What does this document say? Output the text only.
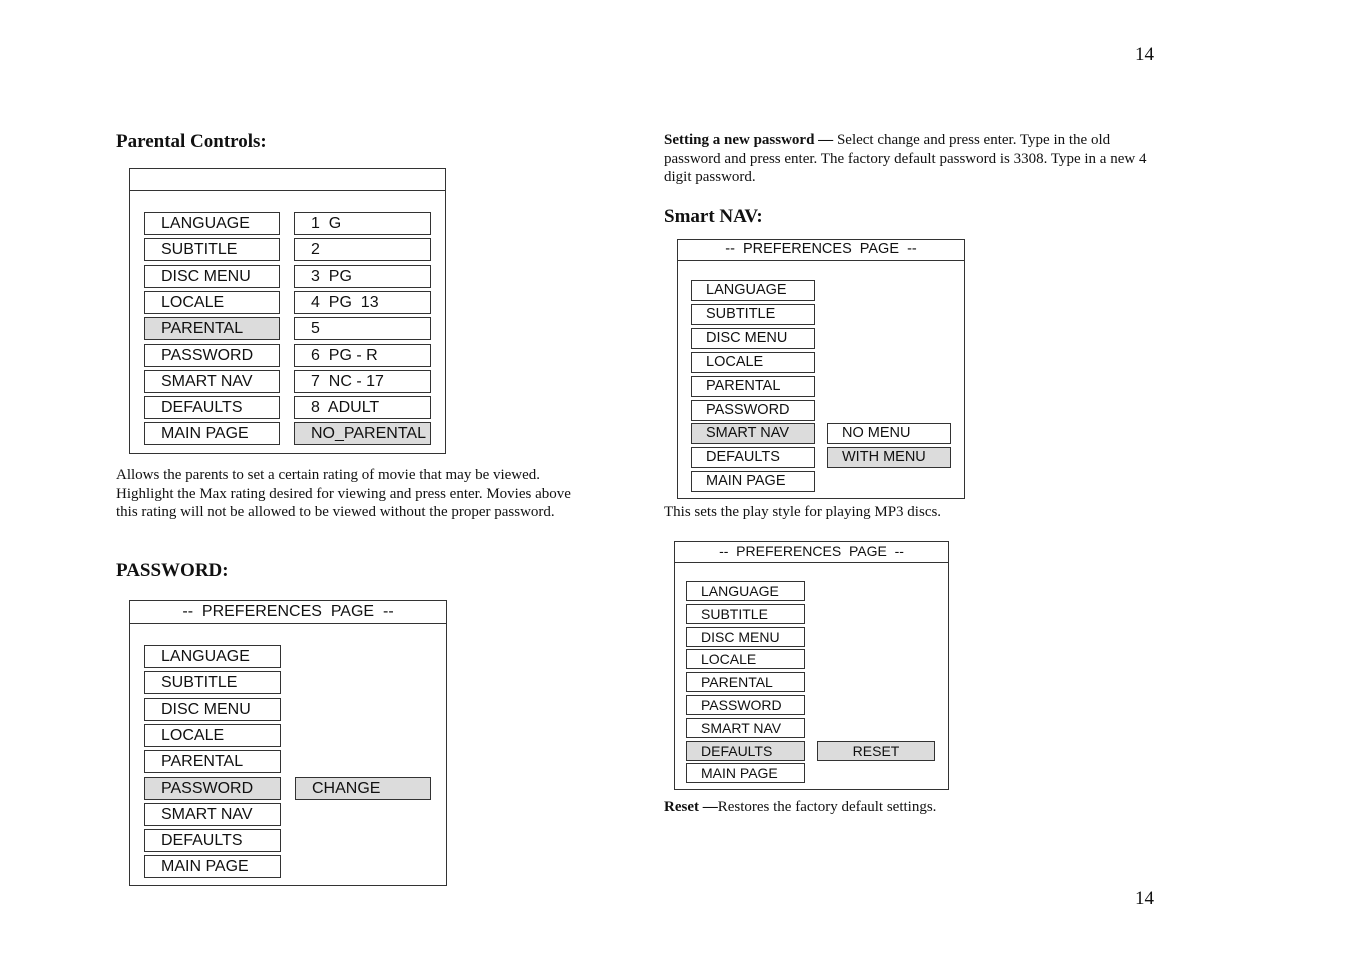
14
14
Parental Controls:
LANGUAGE
SUBTITLE
DISC MENU
LOCALE
PARENTAL
PASSWORD
SMART NAV
DEFAULTS
MAIN PAGE
1  G
2
3  PG
4  PG  13
5
6  PG - R
7  NC - 17
8  ADULT
NO_PARENTAL
Allows the parents to set a certain rating of movie that may be viewed. Highlight the Max rating desired for viewing and press enter. Movies above this rating will not be allowed to be viewed without the proper password.
PASSWORD:
--  PREFERENCES  PAGE  --
LANGUAGE
SUBTITLE
DISC MENU
LOCALE
PARENTAL
PASSWORD
SMART NAV
DEFAULTS
MAIN PAGE
CHANGE
Setting a new password — Select change and press enter. Type in the old password and press enter. The factory default password is 3308. Type in a new 4 digit password.
Smart NAV:
--  PREFERENCES  PAGE  --
LANGUAGE
SUBTITLE
DISC MENU
LOCALE
PARENTAL
PASSWORD
SMART NAV
DEFAULTS
MAIN PAGE
NO MENU
WITH MENU
This sets the play style for playing MP3 discs.
--  PREFERENCES  PAGE  --
LANGUAGE
SUBTITLE
DISC MENU
LOCALE
PARENTAL
PASSWORD
SMART NAV
DEFAULTS
MAIN PAGE
RESET
Reset —Restores the factory default settings.
